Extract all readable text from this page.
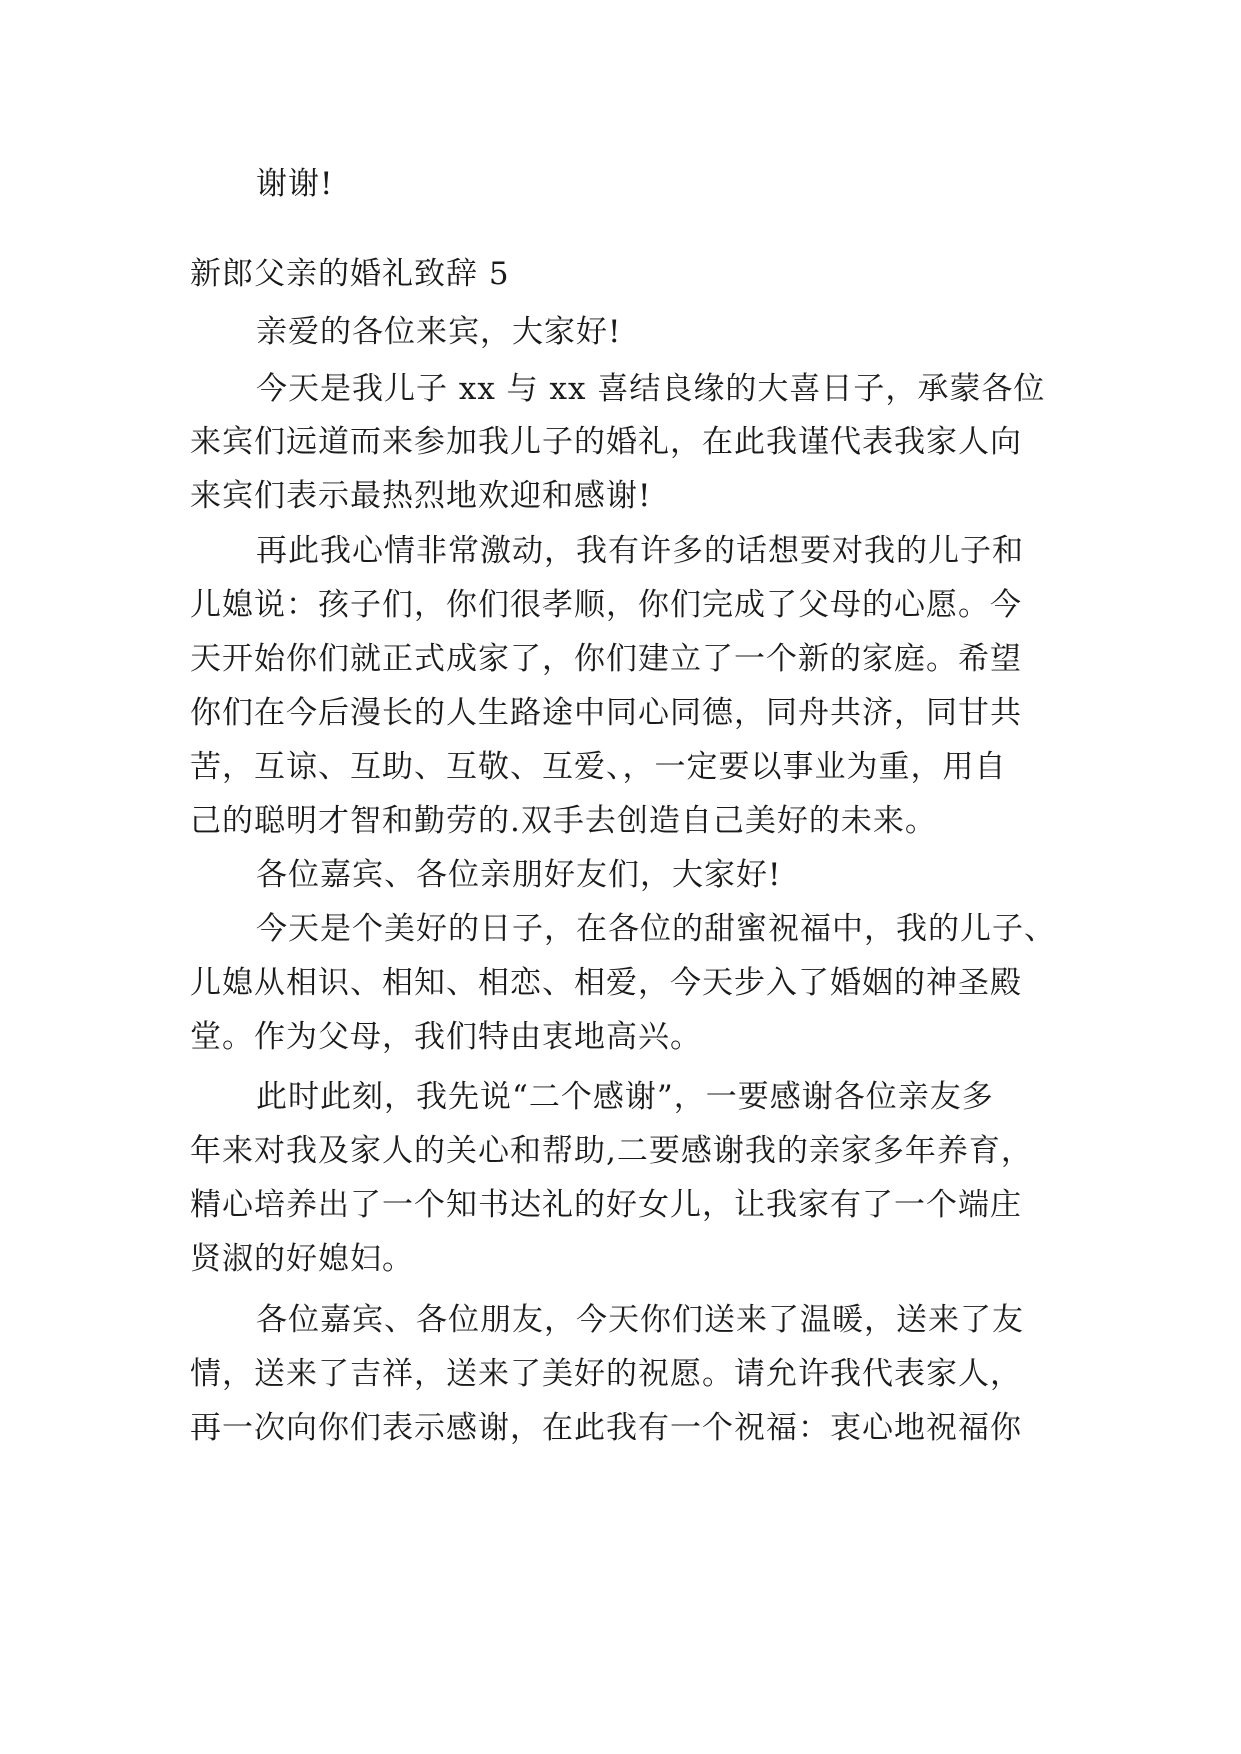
谢谢!

新郎父亲的婚礼致辞 5

亲爱的各位来宾，大家好!

今天是我儿子 xx 与 xx 喜结良缘的大喜日子，承蒙各位

来宾们远道而来参加我儿子的婚礼，在此我谨代表我家人向

来宾们表示最热烈地欢迎和感谢!

再此我心情非常激动，我有许多的话想要对我的儿子和

儿媳说：孩子们，你们很孝顺，你们完成了父母的心愿。今

天开始你们就正式成家了，你们建立了一个新的家庭。希望

你们在今后漫长的人生路途中同心同德，同舟共济，同甘共

苦，互谅、互助、互敬、互爱、，一定要以事业为重，用自

己的聪明才智和勤劳的.双手去创造自己美好的未来。

各位嘉宾、各位亲朋好友们，大家好!

今天是个美好的日子，在各位的甜蜜祝福中，我的儿子、

儿媳从相识、相知、相恋、相爱，今天步入了婚姻的神圣殿

堂。作为父母，我们特由衷地高兴。

此时此刻，我先说“二个感谢”，一要感谢各位亲友多

年来对我及家人的关心和帮助,二要感谢我的亲家多年养育，

精心培养出了一个知书达礼的好女儿，让我家有了一个端庄

贤淑的好媳妇。

各位嘉宾、各位朋友，今天你们送来了温暖，送来了友

情，送来了吉祥，送来了美好的祝愿。请允许我代表家人，

再一次向你们表示感谢，在此我有一个祝福：衷心地祝福你
